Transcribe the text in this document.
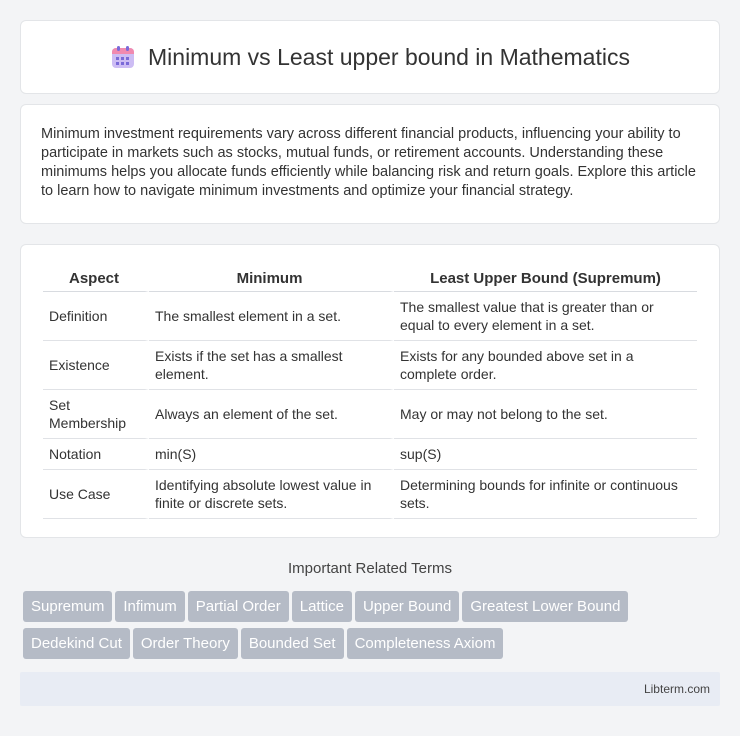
Minimum vs Least upper bound in Mathematics

Minimum investment requirements vary across different financial products, influencing your ability to participate in markets such as stocks, mutual funds, or retirement accounts. Understanding these minimums helps you allocate funds efficiently while balancing risk and return goals. Explore this article to learn how to navigate minimum investments and optimize your financial strategy.

Aspect	Minimum	Least Upper Bound (Supremum)
Definition	The smallest element in a set.	The smallest value that is greater than or equal to every element in a set.
Existence	Exists if the set has a smallest element.	Exists for any bounded above set in a complete order.
Set Membership	Always an element of the set.	May or may not belong to the set.
Notation	min(S)	sup(S)
Use Case	Identifying absolute lowest value in finite or discrete sets.	Determining bounds for infinite or continuous sets.
Important Related Terms
Supremum Infimum Partial Order Lattice Upper Bound Greatest Lower Bound
Dedekind Cut Order Theory Bounded Set Completeness Axiom
Libterm.com
